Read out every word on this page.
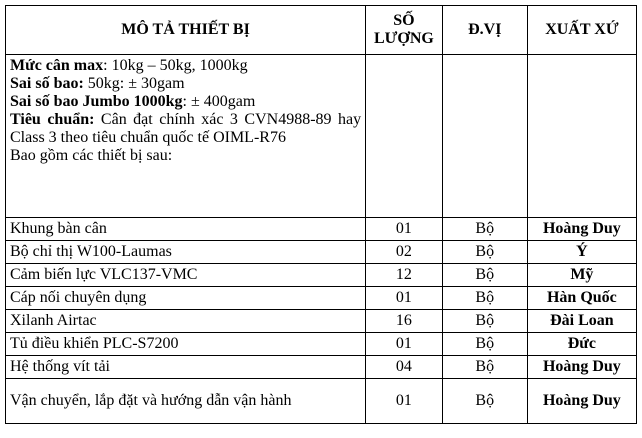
MÔ TẢ THIẾT BỊ	SỐ LƯỢNG	Đ.VỊ	XUẤT XỨ

Mức cân max: 10kg – 50kg, 1000kg
Sai số bao: 50kg: ± 30gam
Sai số bao Jumbo 1000kg: ± 400gam
Tiêu chuẩn: Cân đạt chính xác 3 CVN4988-89 hay Class 3 theo tiêu chuẩn quốc tế OIML-R76
Bao gồm các thiết bị sau:			

Khung bàn cân	01	Bộ	Hoàng Duy
Bộ chỉ thị W100-Laumas	02	Bộ	Ý
Cảm biến lực VLC137-VMC	12	Bộ	Mỹ
Cáp nối chuyên dụng	01	Bộ	Hàn Quốc
Xilanh Airtac	16	Bộ	Đài Loan
Tủ điều khiển PLC-S7200	01	Bộ	Đức
Hệ thống vít tải	04	Bộ	Hoàng Duy
Vận chuyển, lắp đặt và hướng dẫn vận hành	01	Bộ	Hoàng Duy
